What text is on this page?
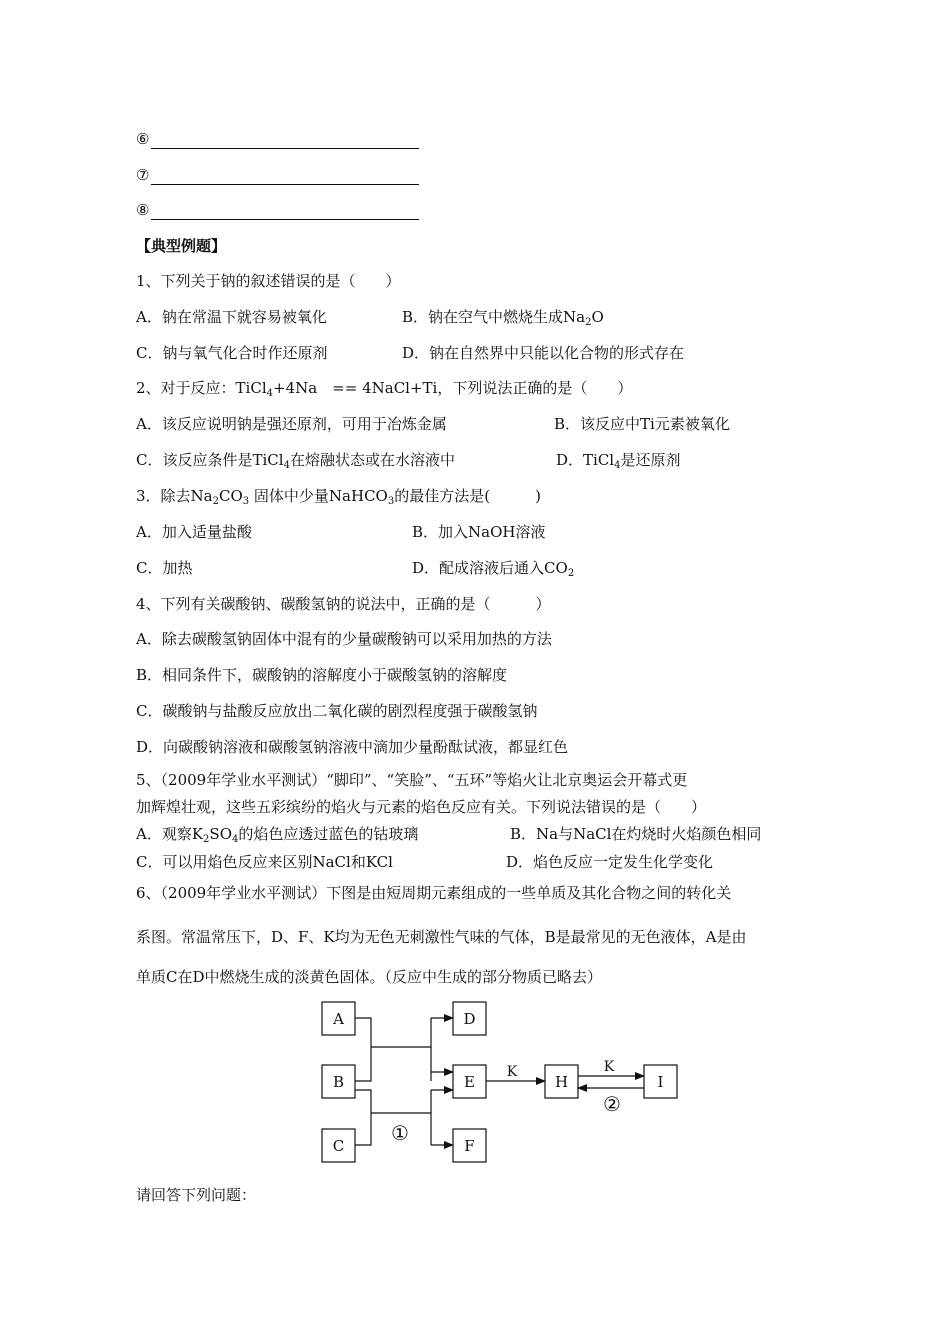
⑥
⑦
⑧
【典型例题】
1、下列关于钠的叙述错误的是（　　）
A．钠在常温下就容易被氧化	B．钠在空气中燃烧生成$Na_2O$
C．钠与氧气化合时作还原剂	D．钠在自然界中只能以化合物的形式存在
2、对于反应：TiCl$_4$+4Na　== 4NaCl+Ti，下列说法正确的是（　　）
A．该反应说明钠是强还原剂，可用于冶炼金属	B．该反应中Ti元素被氧化
C．该反应条件是TiCl$_4$在熔融状态或在水溶液中	D．TiCl$_4$是还原剂
3．除去$Na_2CO_3$ 固体中少量NaHCO$_3$的最佳方法是(　　　)
A．加入适量盐酸	B．加入NaOH溶液
C．加热	D．配成溶液后通入$CO_2$
4、下列有关碳酸钠、碳酸氢钠的说法中，正确的是（　　　）
A．除去碳酸氢钠固体中混有的少量碳酸钠可以采用加热的方法
B．相同条件下，碳酸钠的溶解度小于碳酸氢钠的溶解度
C．碳酸钠与盐酸反应放出二氧化碳的剧烈程度强于碳酸氢钠
D．向碳酸钠溶液和碳酸氢钠溶液中滴加少量酚酞试液，都显红色
5、（2009年学业水平测试）“脚印”、“笑脸”、“五环”等焰火让北京奥运会开幕式更
加辉煌壮观，这些五彩缤纷的焰火与元素的焰色反应有关。下列说法错误的是（　　）
A．观察$K_2SO_4$的焰色应透过蓝色的钴玻璃	B．Na与NaCl在灼烧时火焰颜色相同
C．可以用焰色反应来区别NaCl和KCl	D．焰色反应一定发生化学变化
6、（2009年学业水平测试）下图是由短周期元素组成的一些单质及其化合物之间的转化关
系图。常温常压下，D、F、K均为无色无刺激性气味的气体，B是最常见的无色液体，A是由
单质C在D中燃烧生成的淡黄色固体。（反应中生成的部分物质已略去）
A
B
C
D
E
F
H	I
K	K
①
②
请回答下列问题：
